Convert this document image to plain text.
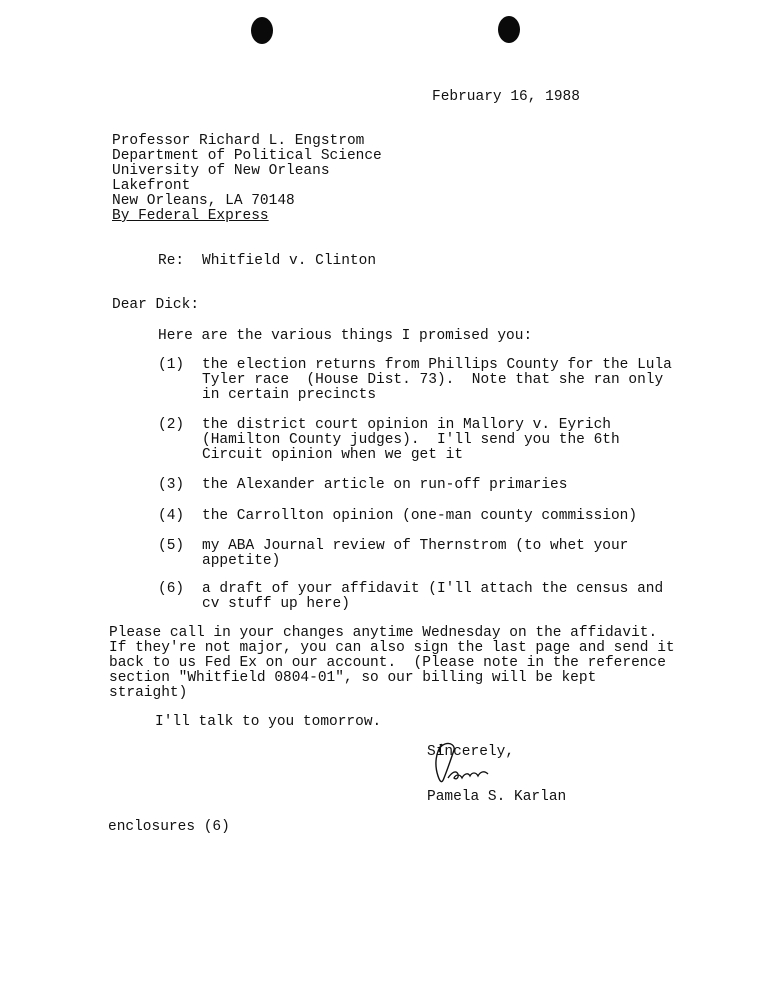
February 16, 1988
Professor Richard L. Engstrom
Department of Political Science
University of New Orleans
Lakefront
New Orleans, LA 70148
By Federal Express
Re: Whitfield v. Clinton
Dear Dick:
Here are the various things I promised you:
(1) the election returns from Phillips County for the Lula
Tyler race  (House Dist. 73).  Note that she ran only
in certain precincts
(2) the district court opinion in Mallory v. Eyrich
(Hamilton County judges).  I'll send you the 6th
Circuit opinion when we get it
(3) the Alexander article on run-off primaries
(4) the Carrollton opinion (one-man county commission)
(5) my ABA Journal review of Thernstrom (to whet your
appetite)
(6) a draft of your affidavit (I'll attach the census and
cv stuff up here)
Please call in your changes anytime Wednesday on the affidavit.
If they're not major, you can also sign the last page and send it
back to us Fed Ex on our account.  (Please note in the reference
section "Whitfield 0804-01", so our billing will be kept
straight)
I'll talk to you tomorrow.
Sincerely,
Pamela S. Karlan
enclosures (6)
